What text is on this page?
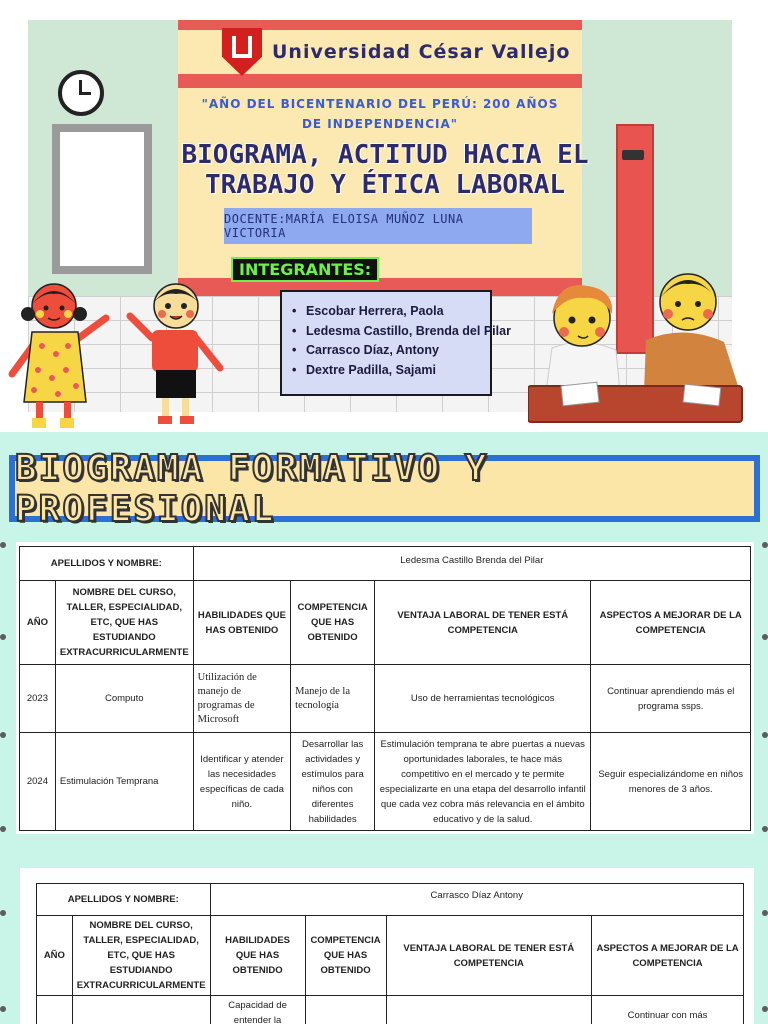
Universidad César Vallejo
"AÑO DEL BICENTENARIO DEL PERÚ: 200 AÑOS DE INDEPENDENCIA"
BIOGRAMA, ACTITUD HACIA EL
TRABAJO Y ÉTICA LABORAL
DOCENTE:MARÍA ELOISA MUÑOZ LUNA VICTORIA
INTEGRANTES:
• Escobar Herrera, Paola
• Ledesma Castillo, Brenda del Pilar
• Carrasco Díaz, Antony
• Dextre Padilla, Sajami
BIOGRAMA FORMATIVO Y PROFESIONAL
APELLIDOS Y NOMBRE:		Ledesma Castillo Brenda del Pilar			
AÑO	NOMBRE DEL CURSO, TALLER, ESPECIALIDAD, ETC, QUE HAS ESTUDIANDO EXTRACURRICULARMENTE	HABILIDADES QUE HAS OBTENIDO	COMPETENCIA QUE HAS OBTENIDO	VENTAJA LABORAL DE TENER ESTÁ COMPETENCIA	ASPECTOS A MEJORAR DE LA COMPETENCIA
2023	Computo	Utilización de manejo de programas de Microsoft	Manejo de la tecnología	Uso de herramientas tecnológicos	Continuar aprendiendo más el programa ssps.
2024	Estimulación Temprana	Identificar y atender las necesidades específicas de cada niño.	Desarrollar las actividades y estímulos para niños con diferentes habilidades	Estimulación temprana te abre puertas a nuevas oportunidades laborales, te hace más competitivo en el mercado y te permite especializarte en una etapa del desarrollo infantil que cada vez cobra más relevancia en el ámbito educativo y de la salud.	Seguir especializándome en niños menores de 3 años.
APELLIDOS Y NOMBRE:		Carrasco Díaz Antony			
AÑO	NOMBRE DEL CURSO, TALLER, ESPECIALIDAD, ETC, QUE HAS ESTUDIANDO EXTRACURRICULARMENTE	HABILIDADES QUE HAS OBTENIDO	COMPETENCIA QUE HAS OBTENIDO	VENTAJA LABORAL DE TENER ESTÁ COMPETENCIA	ASPECTOS A MEJORAR DE LA COMPETENCIA
		Capacidad de entender la			Continuar con más
